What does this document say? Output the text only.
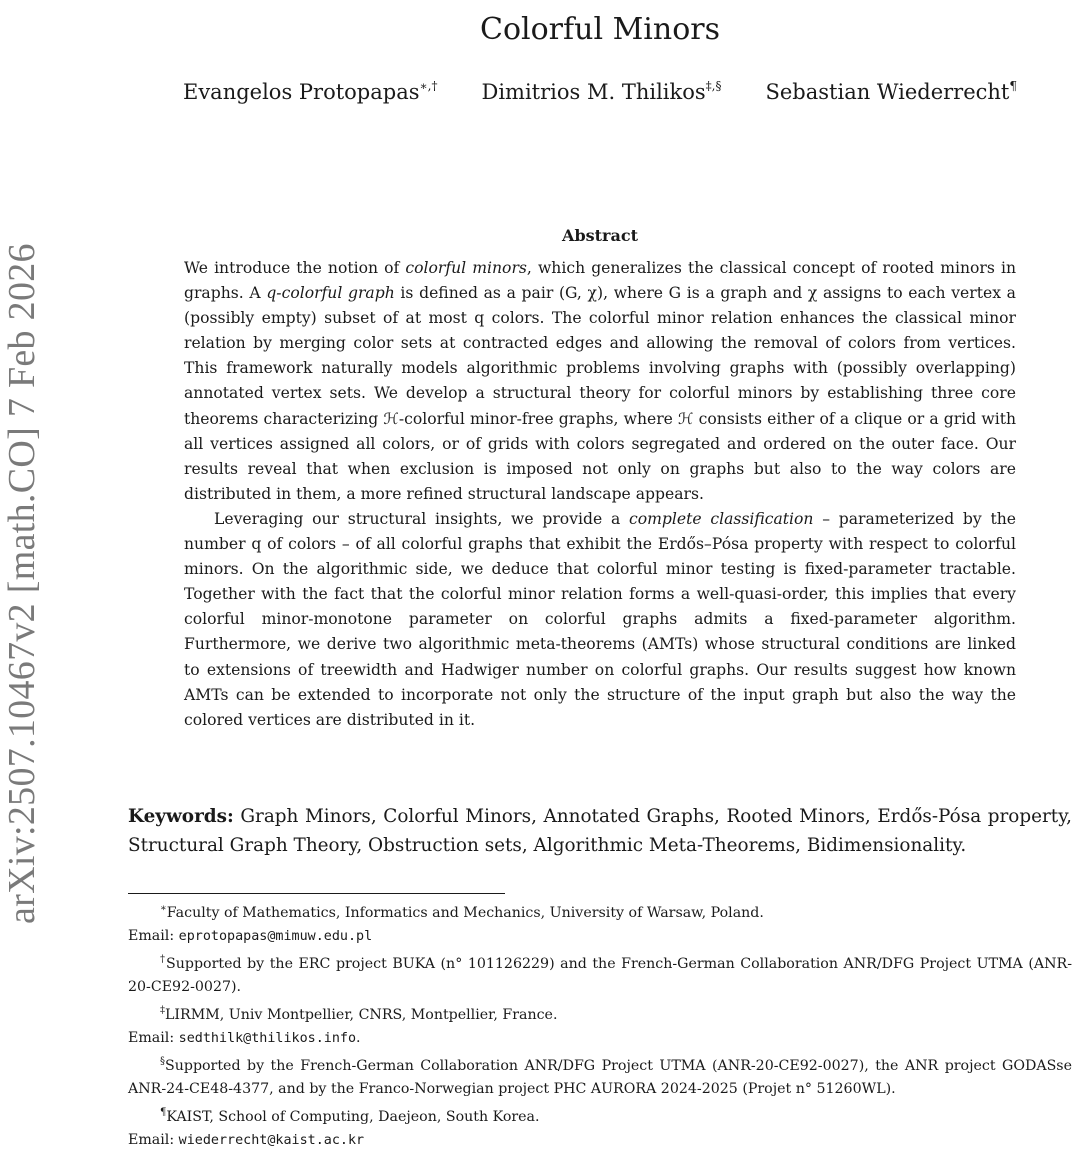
arXiv:2507.10467v2 [math.CO] 7 Feb 2026
Colorful Minors
Evangelos Protopapas∗,† Dimitrios M. Thilikos‡,§ Sebastian Wiederrecht¶
Abstract

We introduce the notion of colorful minors, which generalizes the classical concept of rooted minors in graphs. A q-colorful graph is defined as a pair (G, χ), where G is a graph and χ assigns to each vertex a (possibly empty) subset of at most q colors. The colorful minor relation enhances the classical minor relation by merging color sets at contracted edges and allowing the removal of colors from vertices. This framework naturally models algorithmic problems involving graphs with (possibly overlapping) annotated vertex sets. We develop a structural theory for colorful minors by establishing three core theorems characterizing ℋ-colorful minor-free graphs, where ℋ consists either of a clique or a grid with all vertices assigned all colors, or of grids with colors segregated and ordered on the outer face. Our results reveal that when exclusion is imposed not only on graphs but also to the way colors are distributed in them, a more refined structural landscape appears.

Leveraging our structural insights, we provide a complete classification – parameterized by the number q of colors – of all colorful graphs that exhibit the Erdős–Pósa property with respect to colorful minors. On the algorithmic side, we deduce that colorful minor testing is fixed-parameter tractable. Together with the fact that the colorful minor relation forms a well-quasi-order, this implies that every colorful minor-monotone parameter on colorful graphs admits a fixed-parameter algorithm. Furthermore, we derive two algorithmic meta-theorems (AMTs) whose structural conditions are linked to extensions of treewidth and Hadwiger number on colorful graphs. Our results suggest how known AMTs can be extended to incorporate not only the structure of the input graph but also the way the colored vertices are distributed in it.

Keywords: Graph Minors, Colorful Minors, Annotated Graphs, Rooted Minors, Erdős-Pósa property, Structural Graph Theory, Obstruction sets, Algorithmic Meta-Theorems, Bidimensionality.
∗Faculty of Mathematics, Informatics and Mechanics, University of Warsaw, Poland.
Email: eprotopapas@mimuw.edu.pl
†Supported by the ERC project BUKA (n° 101126229) and the French-German Collaboration ANR/DFG Project UTMA (ANR-20-CE92-0027).
‡LIRMM, Univ Montpellier, CNRS, Montpellier, France.
Email: sedthilk@thilikos.info.
§Supported by the French-German Collaboration ANR/DFG Project UTMA (ANR-20-CE92-0027), the ANR project GODASse ANR-24-CE48-4377, and by the Franco-Norwegian project PHC AURORA 2024-2025 (Projet n° 51260WL).
¶KAIST, School of Computing, Daejeon, South Korea.
Email: wiederrecht@kaist.ac.kr
